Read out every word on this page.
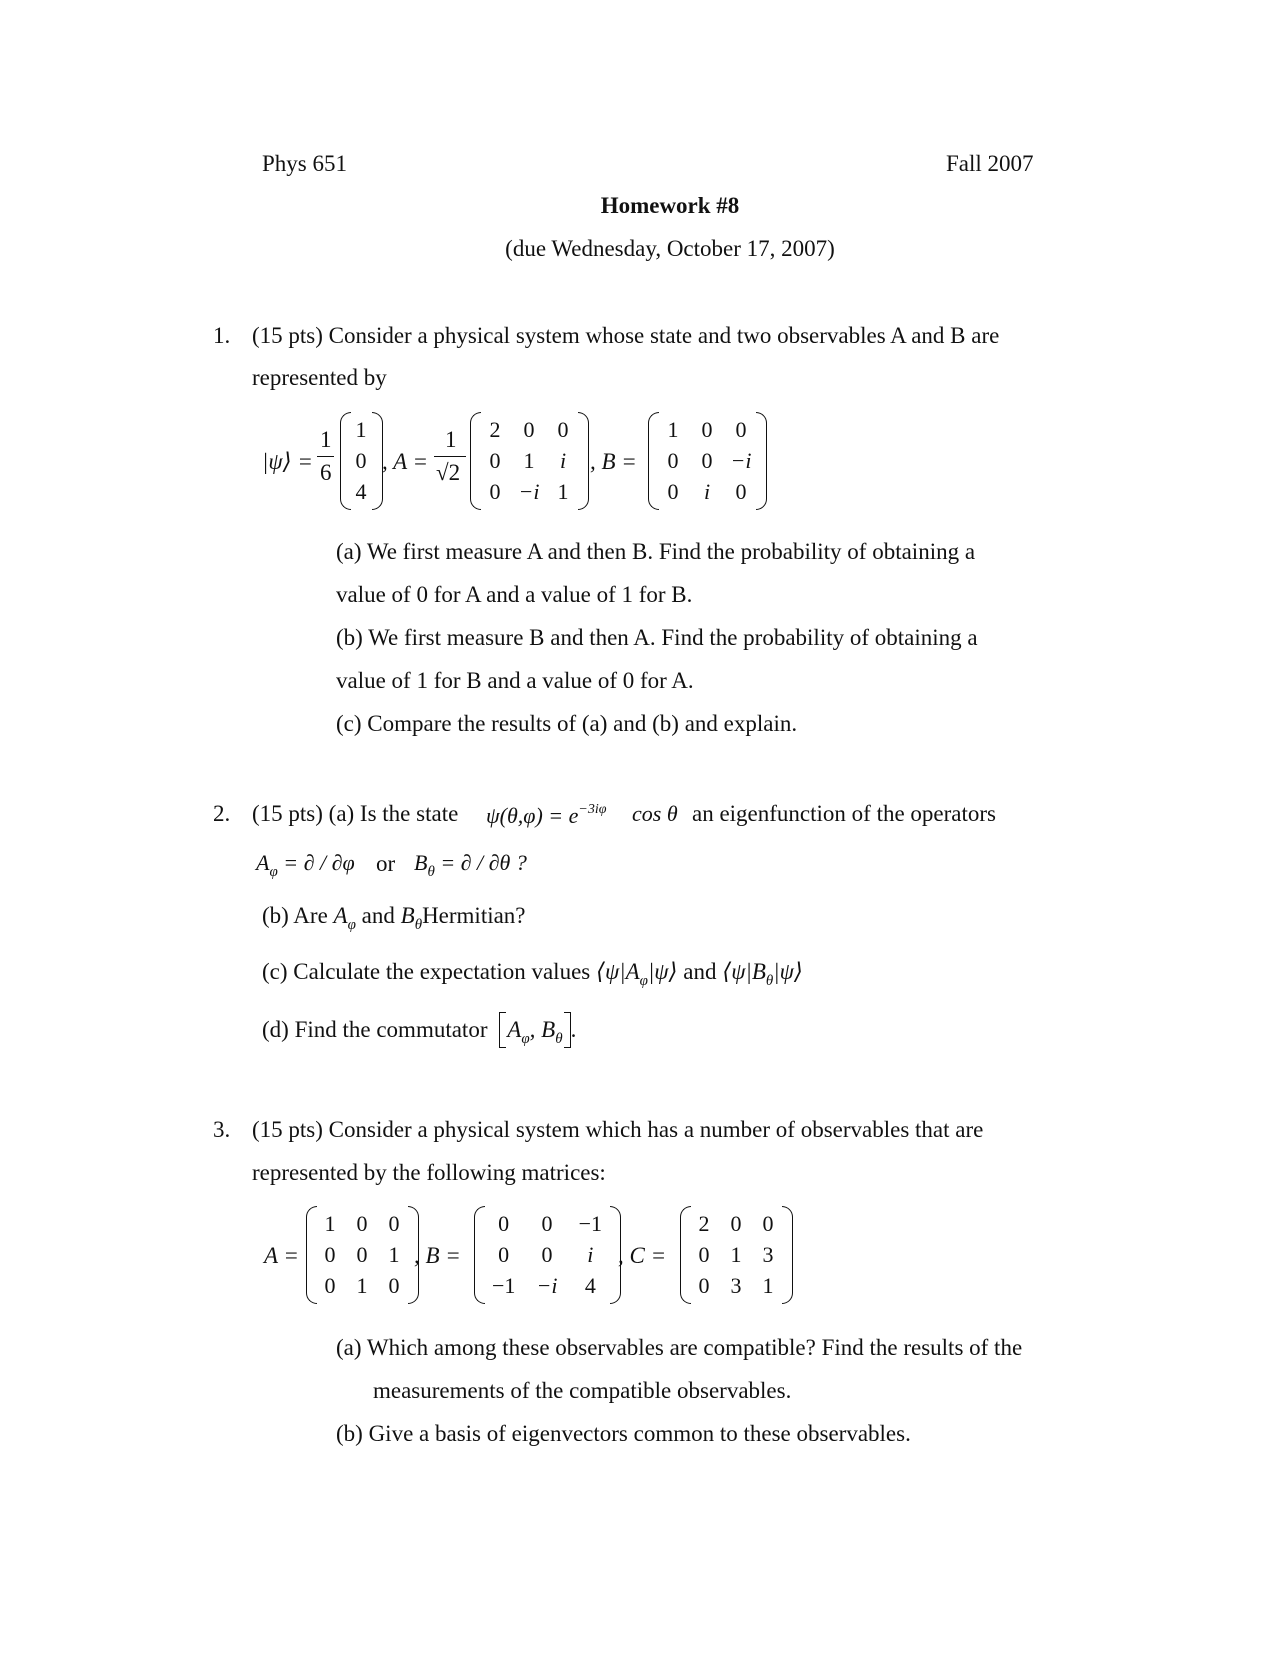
Phys 651	Fall 2007
Homework #8
(due Wednesday, October 17, 2007)
1. (15 pts) Consider a physical system whose state and two observables A and B are
represented by
|ψ⟩ =
1
6
1
0
4
, A =
1
√2
2	0	0
0	1	i
0	−i	1
, B =
1	0	0
0	0	−i
0	i	0
(a) We first measure A and then B. Find the probability of obtaining a
value of 0 for A and a value of 1 for B.
(b) We first measure B and then A. Find the probability of obtaining a
value of 1 for B and a value of 0 for A.
(c) Compare the results of (a) and (b) and explain.
2. (15 pts) (a) Is the state $\psi(\theta,\varphi) = e^{-3i\varphi}$ cos θ an eigenfunction of the operators
$A_\varphi$ = ∂ / ∂φ or $B_\theta$ = ∂ / ∂θ ?
(b) Are $A_\varphi$ and $B_\theta Hermitian$?
(c) Calculate the expectation values $⟨\psi|A_\varphi|\psi⟩$ and $⟨\psi|B_\theta|\psi⟩$
(d) Find the commutator $A_\varphi$, $B_\theta$ .
3. (15 pts) Consider a physical system which has a number of observables that are
represented by the following matrices:
A =
1	0	0
0	0	1
0	1	0
, B =
0	0	−1
0	0	i
−1	−i	4
, C =
2	0	0
0	1	3
0	3	1
(a) Which among these observables are compatible? Find the results of the
measurements of the compatible observables.
(b) Give a basis of eigenvectors common to these observables.
